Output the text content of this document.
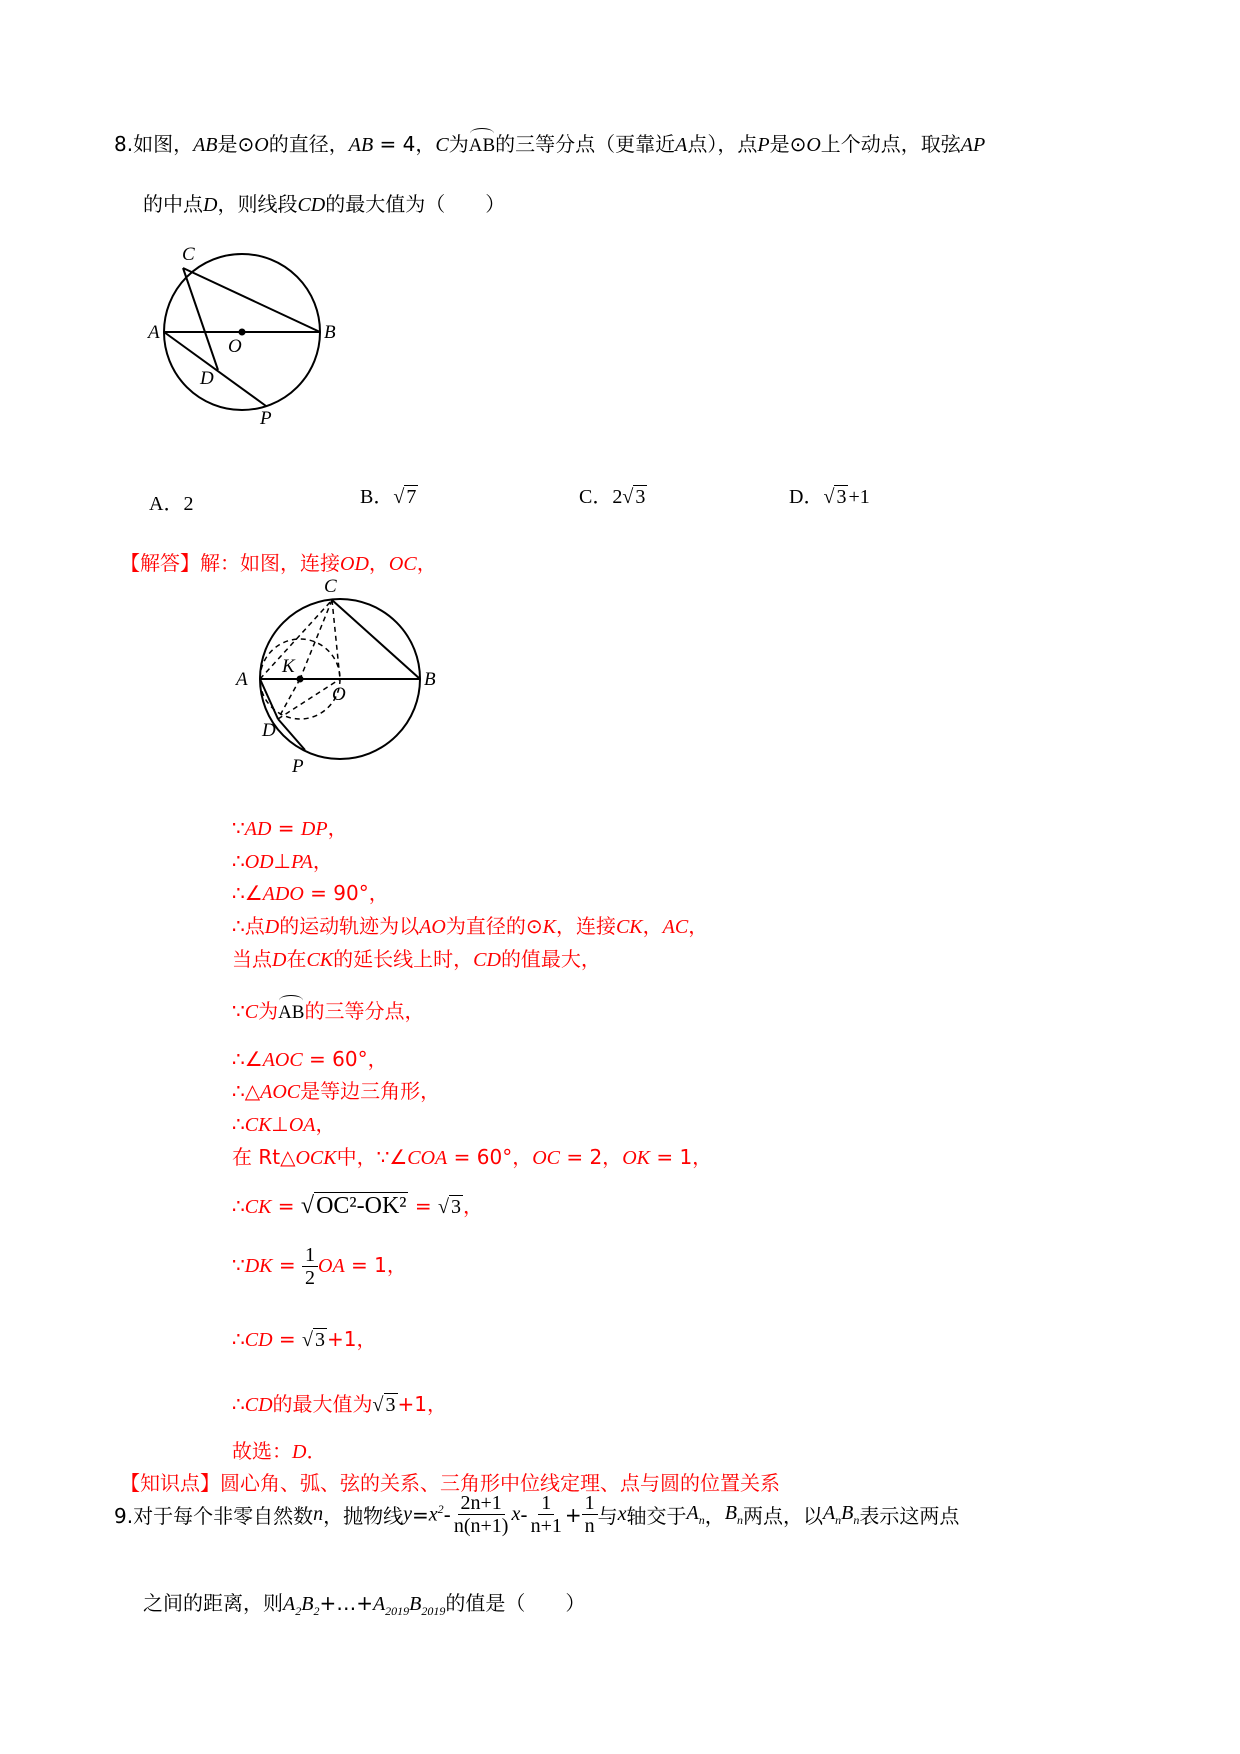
8.如图，AB是⊙O的直径，AB = 4，C为AB的三等分点（更靠近A点），点P是⊙O上个动点，取弦AP
的中点D，则线段CD的最大值为（　　）
C
A
O
B
D
P
A．2	B．√ 7	C．2√ 3	D．√ 3 +1
【解答】解：如图，连接OD，OC，
C
K
A
O
B
D
P
∵AD = DP，
∴OD⊥PA，
∴∠ADO = 90°，
∴点D的运动轨迹为以AO为直径的⊙K，连接CK，AC，
当点D在CK的延长线上时，CD的值最大，
∵C为AB的三等分点，
∴∠AOC = 60°，
∴△AOC是等边三角形，
∴CK⊥OA，
在 Rt△OCK中，∵∠COA = 60°，OC = 2，OK = 1，
∴CK = √OC²-OK² = √ 3 ，
∵DK = $\frac{1}{2}$ OA = 1，
∴CD = √ 3 +1，
∴CD的最大值为√ 3 +1，
故选：D．
【知识点】圆心角、弧、弦的关系、三角形中位线定理、点与圆的位置关系
9.对于每个非零自然数 n ，抛物线 $y = x^2 - \frac{2n+1}{n(n+1)}$ $x - \frac{1}{n+1} + \frac{1}{n}$ 与 x 轴交于 $A_n$ ， $B_n$ 两点，以 $A_nB_n$ 表示这两点
之间的距离，则$A_2B_2+\dots+A_{2019}B_{2019}$的值是（　　）
